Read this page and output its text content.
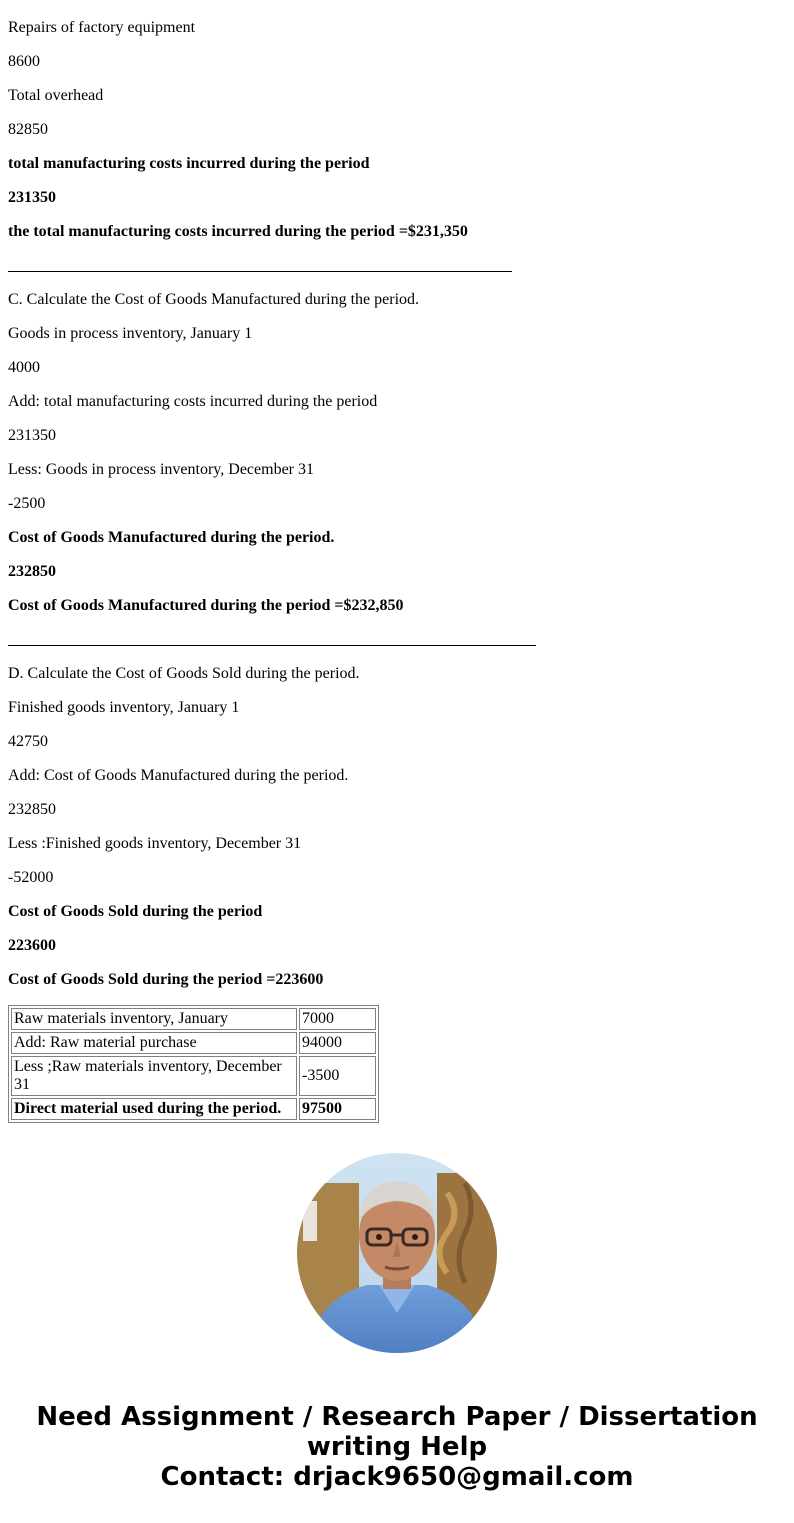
Repairs of factory equipment

8600

Total overhead

82850

total manufacturing costs incurred during the period

231350

the total manufacturing costs incurred during the period =$231,350

C. Calculate the Cost of Goods Manufactured during the period.

Goods in process inventory, January 1

4000

Add: total manufacturing costs incurred during the period

231350

Less: Goods in process inventory, December 31

-2500

Cost of Goods Manufactured during the period.

232850

Cost of Goods Manufactured during the period =$232,850

D. Calculate the Cost of Goods Sold during the period.

Finished goods inventory, January 1

42750

Add: Cost of Goods Manufactured during the period.

232850

Less :Finished goods inventory, December 31

-52000

Cost of Goods Sold during the period

223600

Cost of Goods Sold during the period =223600

Raw materials inventory, January	7000
Add: Raw material purchase	94000
Less ;Raw materials inventory, December 31	-3500
Direct material used during the period.	97500
Need Assignment / Research Paper / Dissertation
writing Help
Contact: drjack9650@gmail.com
